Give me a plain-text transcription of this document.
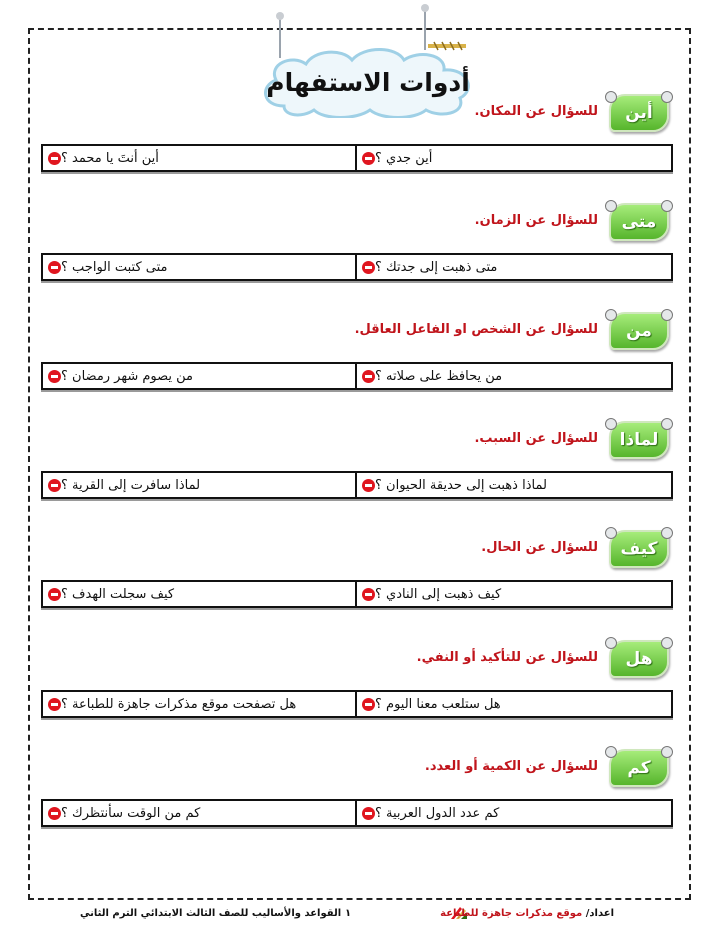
أدوات الاستفهام
أين
للسؤال عن المكان.
أين جدي ؟
أين أنتَ يا محمد ؟
متى
للسؤال عن الزمان.
متى ذهبت إلى جدتك ؟
متى كتبت الواجب ؟
من
للسؤال عن الشخص او الفاعل العاقل.
من يحافظ على صلاته ؟
من يصوم شهر رمضان ؟
لماذا
للسؤال عن السبب.
لماذا ذهبت إلى حديقة الحيوان ؟
لماذا سافرت إلى القرية ؟
كيف
للسؤال عن الحال.
كيف ذهبت إلى النادي ؟
كيف سجلت الهدف ؟
هل
للسؤال عن للتأكيد أو النفي.
هل ستلعب معنا اليوم ؟
هل تصفحت موقع مذكرات جاهزة للطباعة ؟
كم
للسؤال عن الكمية أو العدد.
كم عدد الدول العربية ؟
كم من الوقت سأنتظرك ؟
القواعد والأساليب للصف الثالث الابتدائي الترم الثاني ١	اعداد/ موقع مذكرات جاهزة للطباعة
